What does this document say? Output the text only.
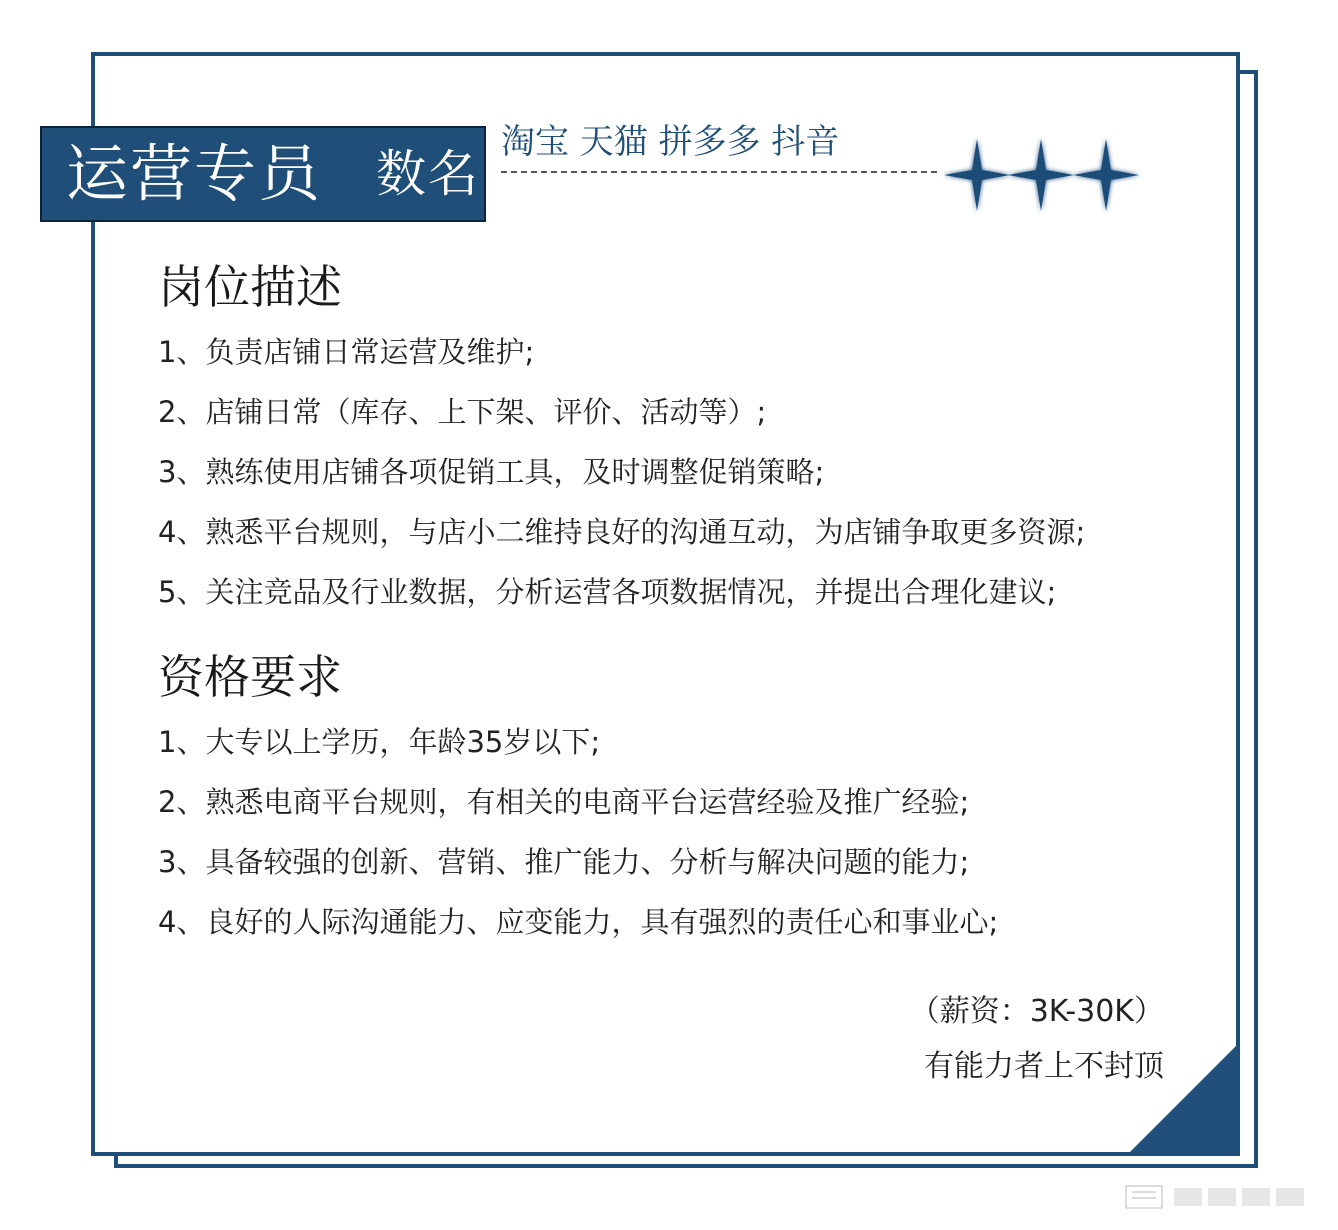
运营专员 数名
淘宝 天猫 拼多多 抖音
岗位描述
1、负责店铺日常运营及维护;
2、店铺日常（库存、上下架、评价、活动等）;
3、熟练使用店铺各项促销工具，及时调整促销策略;
4、熟悉平台规则，与店小二维持良好的沟通互动，为店铺争取更多资源;
5、关注竞品及行业数据，分析运营各项数据情况，并提出合理化建议;
资格要求
1、大专以上学历，年龄35岁以下;
2、熟悉电商平台规则，有相关的电商平台运营经验及推广经验;
3、具备较强的创新、营销、推广能力、分析与解决问题的能力;
4、良好的人际沟通能力、应变能力，具有强烈的责任心和事业心;
（薪资：3K-30K）
有能力者上不封顶
